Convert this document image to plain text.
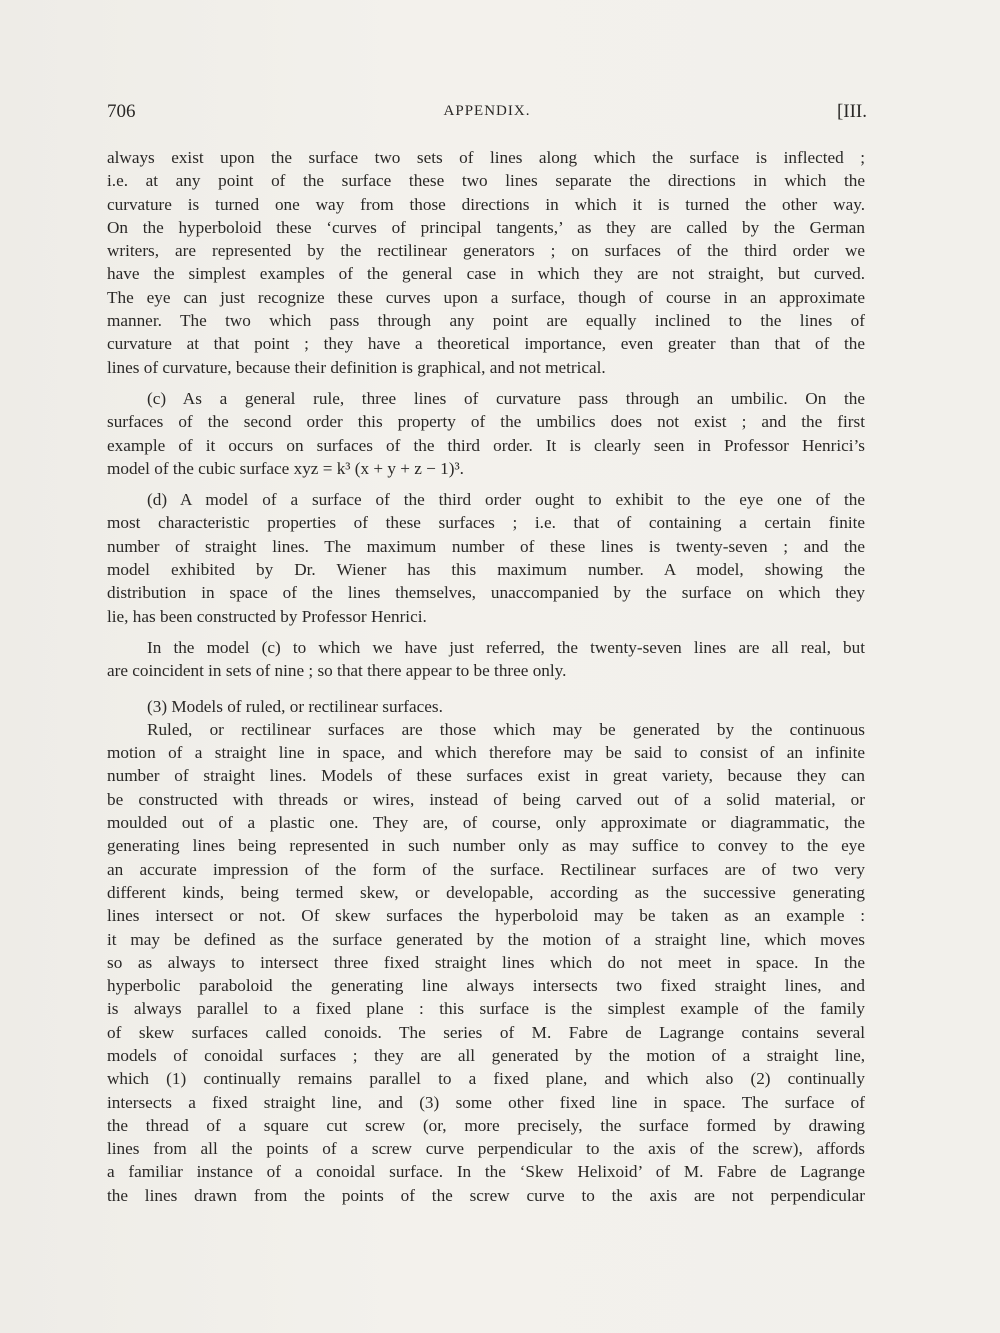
706	APPENDIX.	[III.
always exist upon the surface two sets of lines along which the surface is inflected ;
i.e. at any point of the surface these two lines separate the directions in which the
curvature is turned one way from those directions in which it is turned the other way.
On the hyperboloid these ‘curves of principal tangents,’ as they are called by the German
writers, are represented by the rectilinear generators ; on surfaces of the third order we
have the simplest examples of the general case in which they are not straight, but curved.
The eye can just recognize these curves upon a surface, though of course in an approximate
manner. The two which pass through any point are equally inclined to the lines of
curvature at that point ; they have a theoretical importance, even greater than that of the
lines of curvature, because their definition is graphical, and not metrical.
(c) As a general rule, three lines of curvature pass through an umbilic. On the
surfaces of the second order this property of the umbilics does not exist ; and the first
example of it occurs on surfaces of the third order. It is clearly seen in Professor Henrici’s
model of the cubic surface xyz = k³ (x + y + z − 1)³.
(d) A model of a surface of the third order ought to exhibit to the eye one of the
most characteristic properties of these surfaces ; i.e. that of containing a certain finite
number of straight lines. The maximum number of these lines is twenty-seven ; and the
model exhibited by Dr. Wiener has this maximum number. A model, showing the
distribution in space of the lines themselves, unaccompanied by the surface on which they
lie, has been constructed by Professor Henrici.
In the model (c) to which we have just referred, the twenty-seven lines are all real, but
are coincident in sets of nine ; so that there appear to be three only.
(3) Models of ruled, or rectilinear surfaces.
Ruled, or rectilinear surfaces are those which may be generated by the continuous
motion of a straight line in space, and which therefore may be said to consist of an infinite
number of straight lines. Models of these surfaces exist in great variety, because they can
be constructed with threads or wires, instead of being carved out of a solid material, or
moulded out of a plastic one. They are, of course, only approximate or diagrammatic, the
generating lines being represented in such number only as may suffice to convey to the eye
an accurate impression of the form of the surface. Rectilinear surfaces are of two very
different kinds, being termed skew, or developable, according as the successive generating
lines intersect or not. Of skew surfaces the hyperboloid may be taken as an example :
it may be defined as the surface generated by the motion of a straight line, which moves
so as always to intersect three fixed straight lines which do not meet in space. In the
hyperbolic paraboloid the generating line always intersects two fixed straight lines, and
is always parallel to a fixed plane : this surface is the simplest example of the family
of skew surfaces called conoids. The series of M. Fabre de Lagrange contains several
models of conoidal surfaces ; they are all generated by the motion of a straight line,
which (1) continually remains parallel to a fixed plane, and which also (2) continually
intersects a fixed straight line, and (3) some other fixed line in space. The surface of
the thread of a square cut screw (or, more precisely, the surface formed by drawing
lines from all the points of a screw curve perpendicular to the axis of the screw), affords
a familiar instance of a conoidal surface. In the ‘Skew Helixoid’ of M. Fabre de Lagrange
the lines drawn from the points of the screw curve to the axis are not perpendicular
